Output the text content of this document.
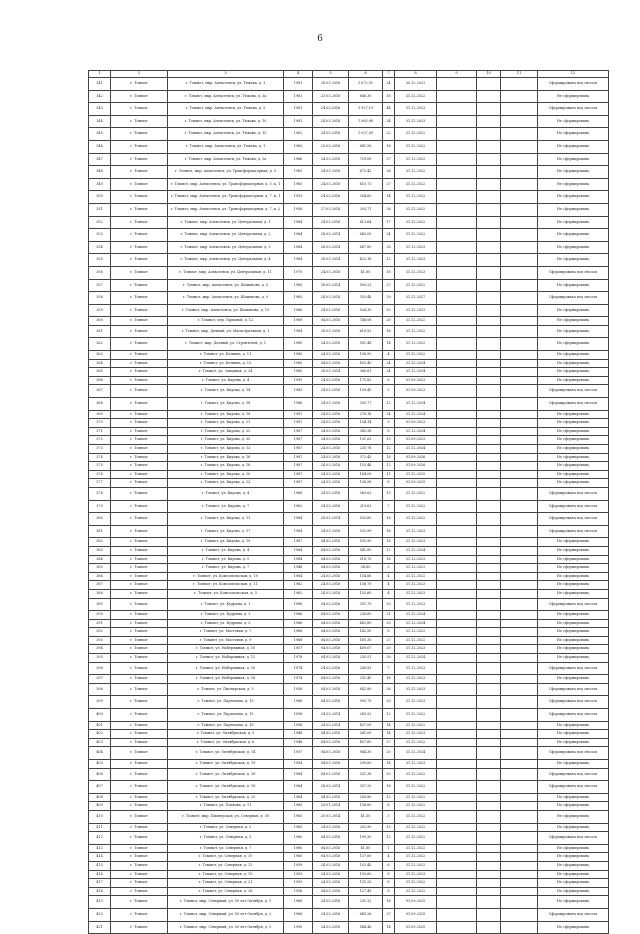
6
1	2	3	4	5	6	7	8	9	10	11	12
341	г. Томмот	г. Томмот, мкр. Алексеевск, ул. Тюкова, д. 1	1981	28.03.2016	1 072,51	24	30.12.2021				Сформирована под сносом
342	г. Томмот	г. Томмот, мкр. Алексеевск, ул. Тюкова, д. 3а	1981	23.03.2016	646,30	16	31.12.2022				Не сформирована
343	г. Томмот	г. Томмот, мкр. Алексеевск, ул. Тюкова, д. 5	1981	24.03.2016	1 927,19	44	31.12.2023				Сформирована под сносом
344	г. Томмот	г. Томмот, мкр. Алексеевск, ул. Тюкова, д. 10	1981	24.03.2016	1 065,08	24	31.12.2023				Не сформирована
345	г. Томмот	г. Томмот, мкр. Алексеевск, ул. Тюкова, д. 15	1962	24.03.2016	1 037,09	22	31.12.2022				Не сформирована
346	г. Томмот	г. Томмот, мкр. Алексеевск, ул. Тюкова, д. 1	1965	25.03.2016	681,56	16	31.12.2022				Не сформирована
347	г. Томмот	г. Томмот, мкр. Алексеевск, ул. Тюкова, д. 2а	1966	24.03.2016	729,06	27	31.12.2022				Не сформирована
348	г. Томмот	г. Томмот, мкр. Алексеевск, ул. Трансформаторная, д. 5	1963	24.03.2016	672,42	26	31.12.2022				Не сформирована
349	г. Томмот	г. Томмот, мкр. Алексеевск, ул. Трансформаторная, д. 5, к. 1	1965	24.03.2016	610,73	27	31.12.2022				Не сформирована
350	г. Томмот	г. Томмот, мкр. Алексеевск, ул. Трансформаторная, д. 7, к. 1	1953	24.03.2016	304,60	14	31.12.2022				Не сформирована
351	г. Томмот	г. Томмот, мкр. Алексеевск, ул. Трансформаторная, д. 7, к. 2	1958	27.03.2016	203,71	26	31.12.2022				Не сформирована
352	г. Томмот	г. Томмот, мкр. Алексеевск, ул. Центральная, д. 1	1964	24.03.2016	612,64	17	31.12.2022				Не сформирована
353	г. Томмот	г. Томмот, мкр. Алексеевск, ул. Центральная, д. 2	1964	28.03.2014	643,05	24	31.12.2022				Не сформирована
354	г. Томмот	г. Томмот, мкр. Алексеевск, ул. Центральная, д. 3	1964	28.03.2014	647,80	28	31.12.2023				Не сформирована
355	г. Томмот	г. Томмот, мкр. Алексеевск, ул. Центральная, д. 4	1964	28.03.2014	422,18	12	31.12.2023				Не сформирована
356	г. Томмот	г. Томмот, мкр. Алексеевск, ул. Центральная, д. 11	1970	24.03.2016	41,60	16	31.12.2023				Сформирована под сносом
357	г. Томмот	г. Томмот, мкр. Алексеевск, ул. Шаманова, д. 5	1965	28.03.2014	500,23	27	31.12.2022				Не сформирована
358	г. Томмот	г. Томмот, мкр. Алексеевск, ул. Шаманова, д. 9	1965	24.03.2016	353,48	29	31.12.2027				Сформирована под сносом
359	г. Томмот	г. Томмот, мкр. Алексеевск, ул. Шаманова, д. 13	1966	24.03.2016	526,30	20	31.12.2021				Не сформирована
360	г. Томмот	г. Томмот, пер. Тарховой, д. 12	1989	04.03.2016	748,08	20	31.12.2022				Не сформирована
361	г. Томмот	г. Томмот, мкр. Дачный, ул. Магистральная, д. 1	1964	28.03.2016	610,92	16	31.12.2022				Не сформирована
362	г. Томмот	г. Томмот, мкр. Дачный, ул. Строителей, д. 1	1980	24.03.2016	501,48	14	31.12.2022				Не сформирована
363	г. Томмот	г. Томмот, ул. Ботвина, д. 11	1985	24.03.2016	158,50	4	31.12.2022				Не сформирована
364	г. Томмот	г. Томмот, ул. Ботвина, д. 13	1985	04.03.2016	403,40	24	31.12.2024				Не сформирована
365	г. Томмот	г. Томмот, ул. Западная, д. 24	1985	28.03.2014	386,61	24	31.12.2024				Не сформирована
366	г. Томмот	г. Томмот, ул. Кирова, д. 4	1995	24.03.2016	171,82	6	01.09.2023				Не сформирована
367	г. Томмот	г. Томмот, ул. Кирова, д. 14	1983	24.03.2016	159,40	5	01.09.2023				Сформирована под сносом
368	г. Томмот	г. Томмот, ул. Кирова, д. 18	1986	24.03.2016	355,77	12	31.12.2024				Сформирована под сносом
369	г. Томмот	г. Томмот, ул. Кирова, д. 18	1987	24.03.2016	270,18	24	31.12.2024				Не сформирована
370	г. Томмот	г. Томмот, ул. Кирова, д. 21	1987	24.03.2016	154,14	9	01.09.2023				Не сформирована
371	г. Томмот	г. Томмот, ул. Кирова, д. 32	1987	24.03.2016	365,36	8	31.12.2024				Не сформирована
372	г. Томмот	г. Томмот, ул. Кирова, д. 35	1987	24.03.2016	131,63	10	01.09.2023				Не сформирована
373	г. Томмот	г. Томмот, ул. Кирова, д. 13	1987	24.03.2016	235,78	12	31.12.2024				Не сформирована
374	г. Томмот	г. Томмот, ул. Кирова, д. 16	1987	24.03.2016	372,45	18	01.09.2026				Не сформирована
375	г. Томмот	г. Томмот, ул. Кирова, д. 18	1987	24.03.2016	133,46	12	01.09.2026				Не сформирована
376	г. Томмот	г. Томмот, ул. Кирова, д. 20	1987	24.03.2016	164,09	11	31.12.2025				Не сформирована
377	г. Томмот	г. Томмот, ул. Кирова, д. 23	1987	24.03.2016	136,56	8	01.09.2025				Не сформирована
378	г. Томмот	г. Томмот, ул. Кирова, д. 4	1966	24.03.2016	369,63	15	31.12.2022				Сформирована под сносом
379	г. Томмот	г. Томмот, ул. Кирова, д. 7	1962	24.03.2016	219,63	7	31.12.2022				Сформирована под сносом
380	г. Томмот	г. Томмот, ул. Кирова, д. 11	1964	28.03.2014	533,60	16	31.12.2022				Сформирована под сносом
381	г. Томмот	г. Томмот, ул. Кирова, д. 17	1964	24.03.2016	532,99	16	31.12.2023				Сформирована под сносом
382	г. Томмот	г. Томмот, ул. Кирова, д. 19	1967	04.03.2016	535,90	16	31.12.2023				Не сформирована
383	г. Томмот	г. Томмот, ул. Кирова, д. 4	1964	04.03.2016	541,60	12	31.12.2024				Не сформирована
384	г. Томмот	г. Томмот, ул. Кирова, д. 5	1964	04.03.2016	518,70	16	31.12.2023				Не сформирована
385	г. Томмот	г. Томмот, ул. Кирова, д. 7	1946	04.03.2016	34,80	3	31.12.2021				Не сформирована
386	г. Томмот	г. Томмот, ул. Комсомольская, д. 19	1964	24.03.2016	154,66	4	31.12.2022				Не сформирована
387	г. Томмот	г. Томмот, ул. Комсомольская, д. 11	1962	24.03.2016	158,79	4	31.12.2023				Не сформирована
388	г. Томмот	г. Томмот, ул. Комсомольская, д. 3	1962	24.03.2016	152,60	4	31.12.2023				Не сформирована
389	г. Томмот	г. Томмот, ул. Кудрина, д. 1	1986	04.03.2016	351,79	20	31.12.2023				Сформирована под сносом
390	г. Томмот	г. Томмот, ул. Кудрина, д. 3	1986	04.03.2016	238,60	21	31.12.2024				Не сформирована
391	г. Томмот	г. Томмот, ул. Кудрина, д. 5	1986	04.03.2016	462,89	20	31.12.2024				Не сформирована
392	г. Томмот	г. Томмот, ул. Мостовая, д. 7	1968	04.03.2016	142,50	8	31.12.2022				Не сформирована
393	г. Томмот	г. Томмот, ул. Мостовая, д. 9	1968	04.03.2016	165,35	27	31.12.2022				Не сформирована
394	г. Томмот	г. Томмот, ул. Набережная, д. 10	1957	04.03.2016	409,67	20	31.12.2023				Не сформирована
395	г. Томмот	г. Томмот, ул. Набережная, д. 12	1978	04.03.2016	235,51	20	31.12.2024				Не сформирована
396	г. Томмот	г. Томмот, ул. Набережная, д. 16	1974	24.03.2016	256,93	7	31.12.2023				Сформирована под сносом
397	г. Томмот	г. Томмот, ул. Набережная, д. 16	1974	04.03.2016	251,40	16	31.12.2023				Не сформирована
398	г. Томмот	г. Томмот, ул. Пионерская, д. 5	1958	04.03.2016	642,80	26	31.12.2023				Сформирована под сносом
399	г. Томмот	г. Томмот, ул. Партизана, д. 13	1986	04.03.2016	905,79	20	31.12.2023				Сформирована под сносом
400	г. Томмот	г. Томмот, ул. Партизана, д. 15	1958	24.03.2014	285,92	12	31.12.2022				Сформирована под сносом
401	г. Томмот	г. Томмот, ул. Партизана, д. 16	1958	24.03.2014	437,00	14	31.12.2022				Не сформирована
402	г. Томмот	г. Томмот, ул. Октябрьская, д. 5	1948	04.03.2016	261,00	14	31.12.2023				Не сформирована
403	г. Томмот	г. Томмот, ул. Октябрьская, д. 6	1948	04.03.2016	407,60	27	31.12.2022				Не сформирована
404	г. Томмот	г. Томмот, ул. Октябрьская, д. 14	1957	04.03.2016	944,30	20	31.12.2024				Сформирована под сносом
405	г. Томмот	г. Томмот, ул. Октябрьская, д. 19	1954	04.03.2016	290,60	14	31.12.2023				Не сформирована
406	г. Томмот	г. Томмот, ул. Октябрьская, д. 16	1964	04.03.2016	321,38	20	31.12.2022				Сформирована под сносом
407	г. Томмот	г. Томмот, ул. Октябрьская, д. 18	1964	28.03.2014	357,20	16	31.12.2022				Сформирована под сносом
408	г. Томмот	г. Томмот, ул. Октябрьская, д. 20	1964	04.03.2016	205,80	12	31.12.2022				Не сформирована
409	г. Томмот	г. Томмот, ул. Плахова, д. 11	1989	29.01.2014	158,60	8	31.12.2022				Не сформирована
410	г. Томмот	г. Томмот, мкр. Пионерская, ул. Северная, д. 30	1985	20.03.2014	41,50	3	31.12.2022				Не сформирована
411	г. Томмот	г. Томмот, ул. Северная, д. 2	1963	24.03.2016	202,90	15	31.12.2022				Не сформирована
412	г. Томмот	г. Томмот, ул. Северная, д. 3	1980	04.03.2016	199,30	12	31.12.2022				Сформирована под сносом
413	г. Томмот	г. Томмот, ул. Северная, д. 7	1960	04.03.2016	41,80	1	31.12.2022				Не сформирована
414	г. Томмот	г. Томмот, ул. Северная, д. 10	1960	04.03.2016	137,60	4	31.12.2022				Не сформирована
415	г. Томмот	г. Томмот, ул. Северная, д. 13	1959	24.03.2016	102,40	6	31.12.2022				Не сформирована
416	г. Томмот	г. Томмот, ул. Северная, д. 19	1959	24.03.2016	103,60	8	31.12.2023				Не сформирована
417	г. Томмот	г. Томмот, ул. Северная, д. 21	1959	24.03.2016	131,20	8	31.12.2022				Не сформирована
418	г. Томмот	г. Томмот, ул. Северная, д. 28	1958	04.03.2016	127,49	8	31.12.2022				Не сформирована
419	г. Томмот	г. Томмот, мкр. Северный, ул. 50 лет Октября, д. 1	1966	24.03.2016	251,32	16	01.09.2025				Не сформирована
420	г. Томмот	г. Томмот, мкр. Северный, ул. 50 лет Октября, д. 2	1966	24.03.2016	649,26	27	01.09.2025				Сформирована под сносом
421	г. Томмот	г. Томмот, мкр. Северный, ул. 50 лет Октября, д. 3	1990	24.03.2016	544,46	14	01.09.2025				Не сформирована
